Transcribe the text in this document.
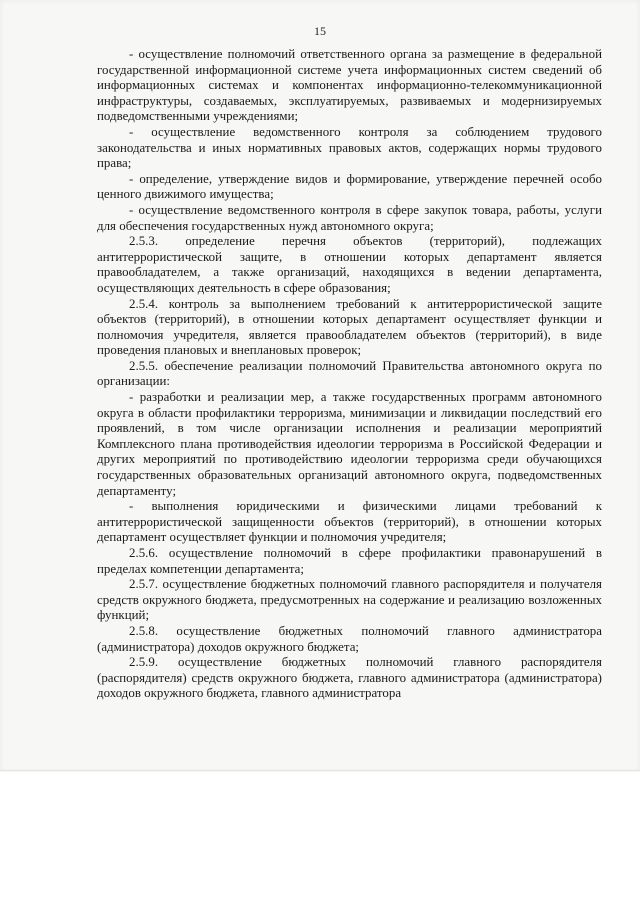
15

- осуществление полномочий ответственного органа за размещение в федеральной государственной информационной системе учета информационных систем сведений об информационных системах и компонентах информационно-телекоммуникационной инфраструктуры, создаваемых, эксплуатируемых, развиваемых и модернизируемых подведомственными учреждениями;

- осуществление ведомственного контроля за соблюдением трудового законодательства и иных нормативных правовых актов, содержащих нормы трудового права;

- определение, утверждение видов и формирование, утверждение перечней особо ценного движимого имущества;

- осуществление ведомственного контроля в сфере закупок товара, работы, услуги для обеспечения государственных нужд автономного округа;

2.5.3. определение перечня объектов (территорий), подлежащих антитеррористической защите, в отношении которых департамент является правообладателем, а также организаций, находящихся в ведении департамента, осуществляющих деятельность в сфере образования;

2.5.4. контроль за выполнением требований к антитеррористической защите объектов (территорий), в отношении которых департамент осуществляет функции и полномочия учредителя, является правообладателем объектов (территорий), в виде проведения плановых и внеплановых проверок;

2.5.5. обеспечение реализации полномочий Правительства автономного округа по организации:

- разработки и реализации мер, а также государственных программ автономного округа в области профилактики терроризма, минимизации и ликвидации последствий его проявлений, в том числе организации исполнения и реализации мероприятий Комплексного плана противодействия идеологии терроризма в Российской Федерации и других мероприятий по противодействию идеологии терроризма среди обучающихся государственных образовательных организаций автономного округа, подведомственных департаменту;

- выполнения юридическими и физическими лицами требований к антитеррористической защищенности объектов (территорий), в отношении которых департамент осуществляет функции и полномочия учредителя;

2.5.6. осуществление полномочий в сфере профилактики правонарушений в пределах компетенции департамента;

2.5.7. осуществление бюджетных полномочий главного распорядителя и получателя средств окружного бюджета, предусмотренных на содержание и реализацию возложенных функций;

2.5.8. осуществление бюджетных полномочий главного администратора (администратора) доходов окружного бюджета;

2.5.9. осуществление бюджетных полномочий главного распорядителя (распорядителя) средств окружного бюджета, главного администратора (администратора) доходов окружного бюджета, главного администратора
